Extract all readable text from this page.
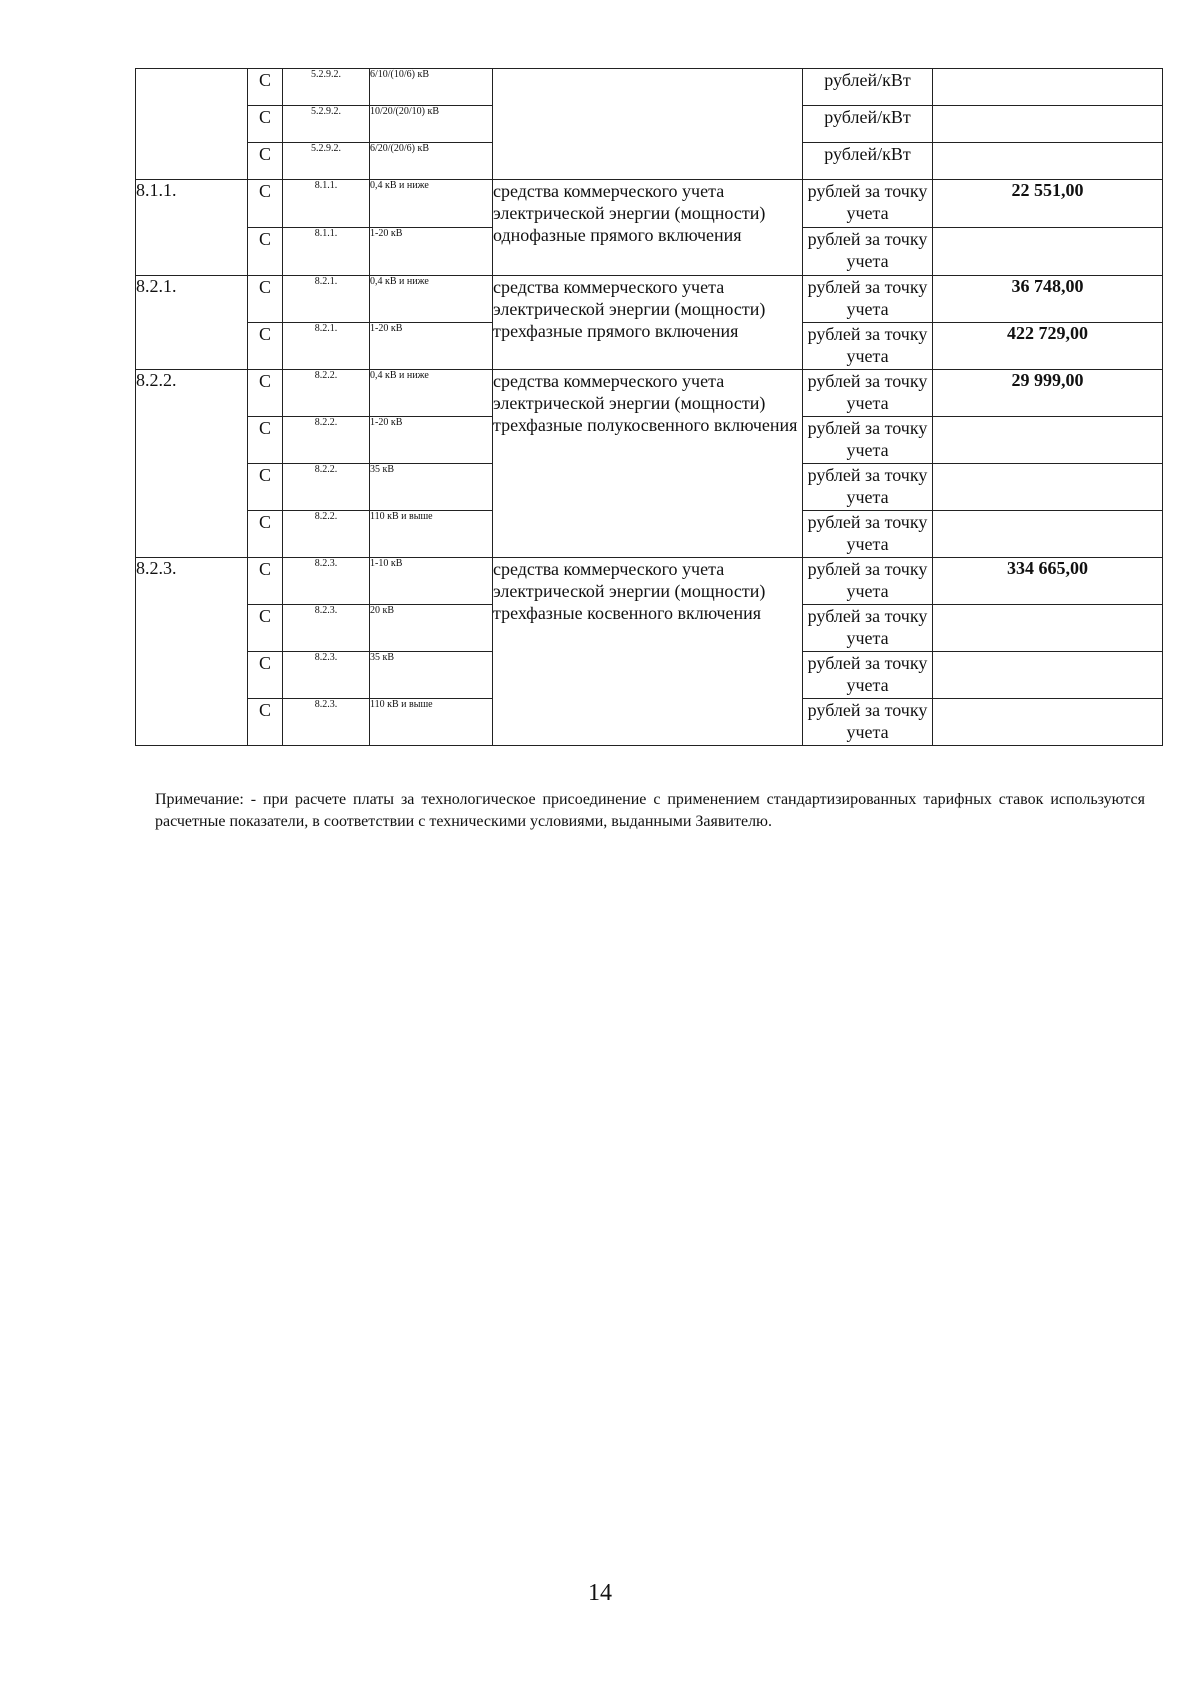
	С	5.2.9.2.	6/10/(10/6) кВ		рублей/кВт	
	С	5.2.9.2.	10/20/(20/10) кВ		рублей/кВт	
	С	5.2.9.2.	6/20/(20/6) кВ		рублей/кВт	
8.1.1.	С	8.1.1.	0,4 кВ и ниже	средства коммерческого учета электрической энергии (мощности) однофазные прямого включения	рублей за точку учета	22 551,00
	С	8.1.1.	1-20 кВ		рублей за точку учета	
8.2.1.	С	8.2.1.	0,4 кВ и ниже	средства коммерческого учета электрической энергии (мощности) трехфазные прямого включения	рублей за точку учета	36 748,00
	С	8.2.1.	1-20 кВ		рублей за точку учета	422 729,00
8.2.2.	С	8.2.2.	0,4 кВ и ниже	средства коммерческого учета электрической энергии (мощности) трехфазные полукосвенного включения	рублей за точку учета	29 999,00
	С	8.2.2.	1-20 кВ		рублей за точку учета	
	С	8.2.2.	35 кВ		рублей за точку учета	
	С	8.2.2.	110 кВ и выше		рублей за точку учета	
8.2.3.	С	8.2.3.	1-10 кВ	средства коммерческого учета электрической энергии (мощности) трехфазные косвенного включения	рублей за точку учета	334 665,00
	С	8.2.3.	20 кВ		рублей за точку учета	
	С	8.2.3.	35 кВ		рублей за точку учета	
	С	8.2.3.	110 кВ и выше		рублей за точку учета	

Примечание: - при расчете платы за технологическое присоединение с применением стандартизированных тарифных ставок используются расчетные показатели, в соответствии с техническими условиями, выданными Заявителю.

14
